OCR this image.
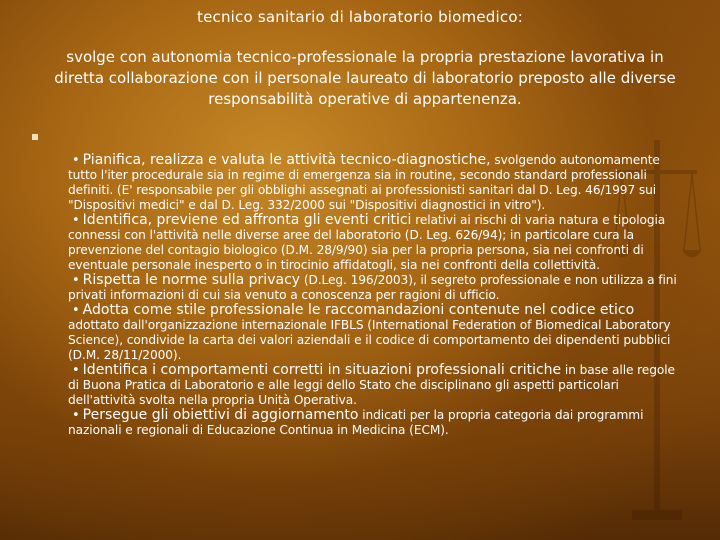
tecnico sanitario di laboratorio biomedico:
svolge con autonomia tecnico-professionale la propria prestazione lavorativa in diretta collaborazione con il personale laureato di laboratorio preposto alle diverse responsabilità operative di appartenenza.

• Pianifica, realizza e valuta le attività tecnico-diagnostiche, svolgendo autonomamente tutto l'iter procedurale sia in regime di emergenza sia in routine, secondo standard professionali definiti. (E' responsabile per gli obblighi assegnati ai professionisti sanitari dal D. Leg. 46/1997 sui "Dispositivi medici" e dal D. Leg. 332/2000 sui "Dispositivi diagnostici in vitro").

• Identifica, previene ed affronta gli eventi critici relativi ai rischi di varia natura e tipologia connessi con l'attività nelle diverse aree del laboratorio (D. Leg. 626/94); in particolare cura la prevenzione del contagio biologico (D.M. 28/9/90) sia per la propria persona, sia nei confronti di eventuale personale inesperto o in tirocinio affidatogli, sia nei confronti della collettività.

• Rispetta le norme sulla privacy (D.Leg. 196/2003), il segreto professionale e non utilizza a fini privati informazioni di cui sia venuto a conoscenza per ragioni di ufficio.

• Adotta come stile professionale le raccomandazioni contenute nel codice etico adottato dall'organizzazione internazionale IFBLS (International Federation of Biomedical Laboratory Science), condivide la carta dei valori aziendali e il codice di comportamento dei dipendenti pubblici (D.M. 28/11/2000).

• Identifica i comportamenti corretti in situazioni professionali critiche in base alle regole di Buona Pratica di Laboratorio e alle leggi dello Stato che disciplinano gli aspetti particolari dell'attività svolta nella propria Unità Operativa.

• Persegue gli obiettivi di aggiornamento indicati per la propria categoria dai programmi nazionali e regionali di Educazione Continua in Medicina (ECM).
